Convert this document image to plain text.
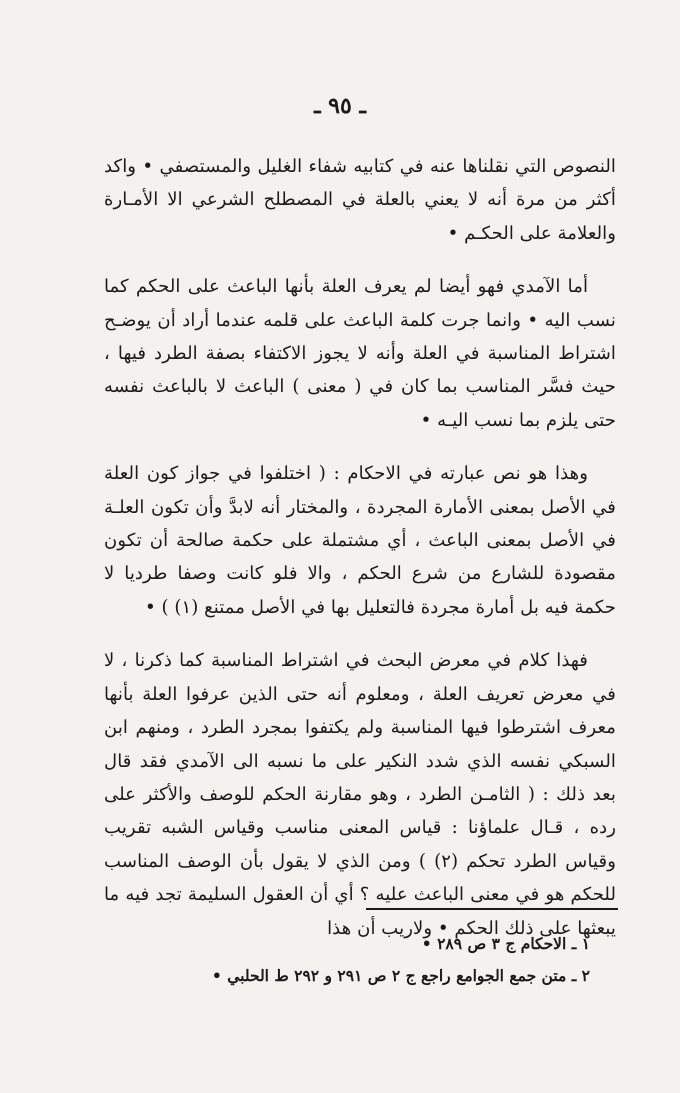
ـ ٩٥ ـ

النصوص التي نقلناها عنه في كتابيه شفاء الغليل والمستصفي • واكد أكثر من مرة أنه لا يعني بالعلة في المصطلح الشرعي الا الأمـارة والعلامة على الحكـم •

أما الآمدي فهو أيضا لم يعرف العلة بأنها الباعث على الحكم كما نسب اليه • وانما جرت كلمة الباعث على قلمه عندما أراد أن يوضـح اشتراط المناسبة في العلة وأنه لا يجوز الاكتفاء بصفة الطرد فيها ، حيث فسَّر المناسب بما كان في ( معنى ) الباعث لا بالباعث نفسه حتى يلزم بما نسب اليـه •

وهذا هو نص عبارته في الاحكام : ( اختلفوا في جواز كون العلة في الأصل بمعنى الأمارة المجردة ، والمختار أنه لابدَّ وأن تكون العلـة في الأصل بمعنى الباعث ، أي مشتملة على حكمة صالحة أن تكون مقصودة للشارع من شرع الحكم ، والا فلو كانت وصفا طرديا لا حكمة فيه بل أمارة مجردة فالتعليل بها في الأصل ممتنع (١) ) •

فهذا كلام في معرض البحث في اشتراط المناسبة كما ذكرنا ، لا في معرض تعريف العلة ، ومعلوم أنه حتى الذين عرفوا العلة بأنها معرف اشترطوا فيها المناسبة ولم يكتفوا بمجرد الطرد ، ومنهم ابن السبكي نفسه الذي شدد النكير على ما نسبه الى الآمدي فقد قال بعد ذلك : ( الثامـن الطرد ، وهو مقارنة الحكم للوصف والأكثر على رده ، قـال علماؤنا : قياس المعنى مناسب وقياس الشبه تقريب وقياس الطرد تحكم (٢) ) ومن الذي لا يقول بأن الوصف المناسب للحكم هو في معنى الباعث عليه ؟ أي أن العقول السليمة تجد فيه ما يبعثها على ذلك الحكم • ولاريب أن هذا

١ ـ الاحكام ج ٣ ص ٢٨٩ •

٢ ـ متن جمع الجوامع راجع ج ٢ ص ٢٩١ و ٢٩٢ ط الحلبي •
